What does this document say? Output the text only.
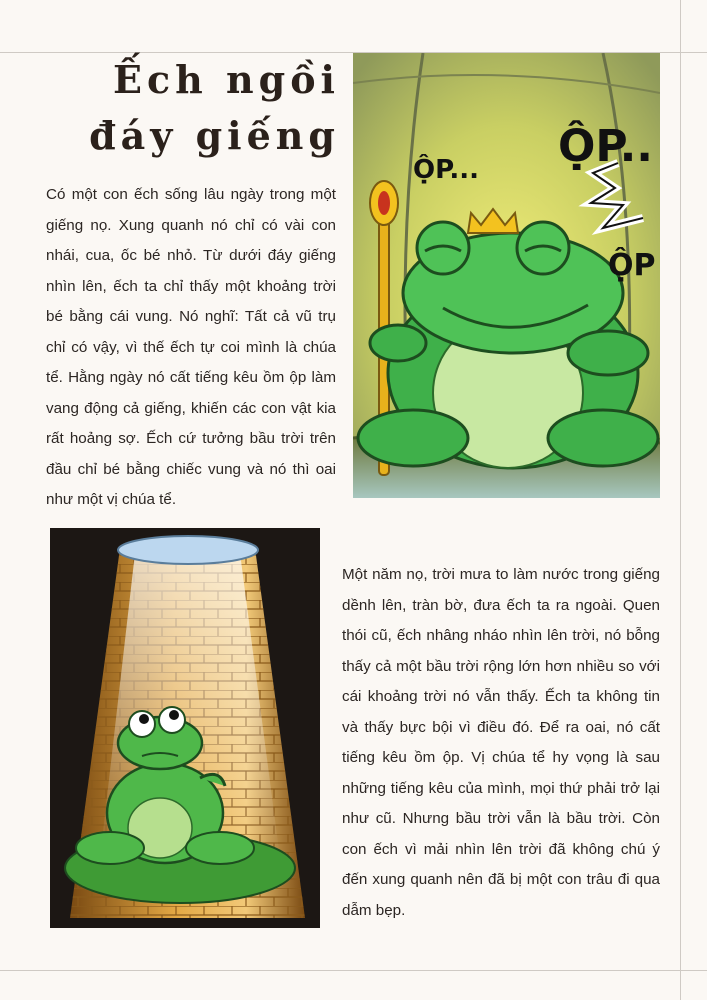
Ếch ngồi
đáy giếng

Có một con ếch sống lâu ngày trong một giếng nọ. Xung quanh nó chỉ có vài con nhái, cua, ốc bé nhỏ. Từ dưới đáy giếng nhìn lên, ếch ta chỉ thấy một khoảng trời bé bằng cái vung. Nó nghĩ: Tất cả vũ trụ chỉ có vậy, vì thế ếch tự coi mình là chúa tể. Hằng ngày nó cất tiếng kêu ồm ộp làm vang động cả giếng, khiến các con vật kia rất hoảng sợ. Ếch cứ tưởng bầu trời trên đầu chỉ bé bằng chiếc vung và nó thì oai như một vị chúa tể.

ỘP... ỘP..
ỘP

Một năm nọ, trời mưa to làm nước trong giếng dềnh lên, tràn bờ, đưa ếch ta ra ngoài. Quen thói cũ, ếch nhâng nháo nhìn lên trời, nó bỗng thấy cả một bầu trời rộng lớn hơn nhiều so với cái khoảng trời nó vẫn thấy. Ếch ta không tin và thấy bực bội vì điều đó. Để ra oai, nó cất tiếng kêu ồm ộp. Vị chúa tể hy vọng là sau những tiếng kêu của mình, mọi thứ phải trở lại như cũ. Nhưng bầu trời vẫn là bầu trời. Còn con ếch vì mải nhìn lên trời đã không chú ý đến xung quanh nên đã bị một con trâu đi qua dẫm bẹp.
